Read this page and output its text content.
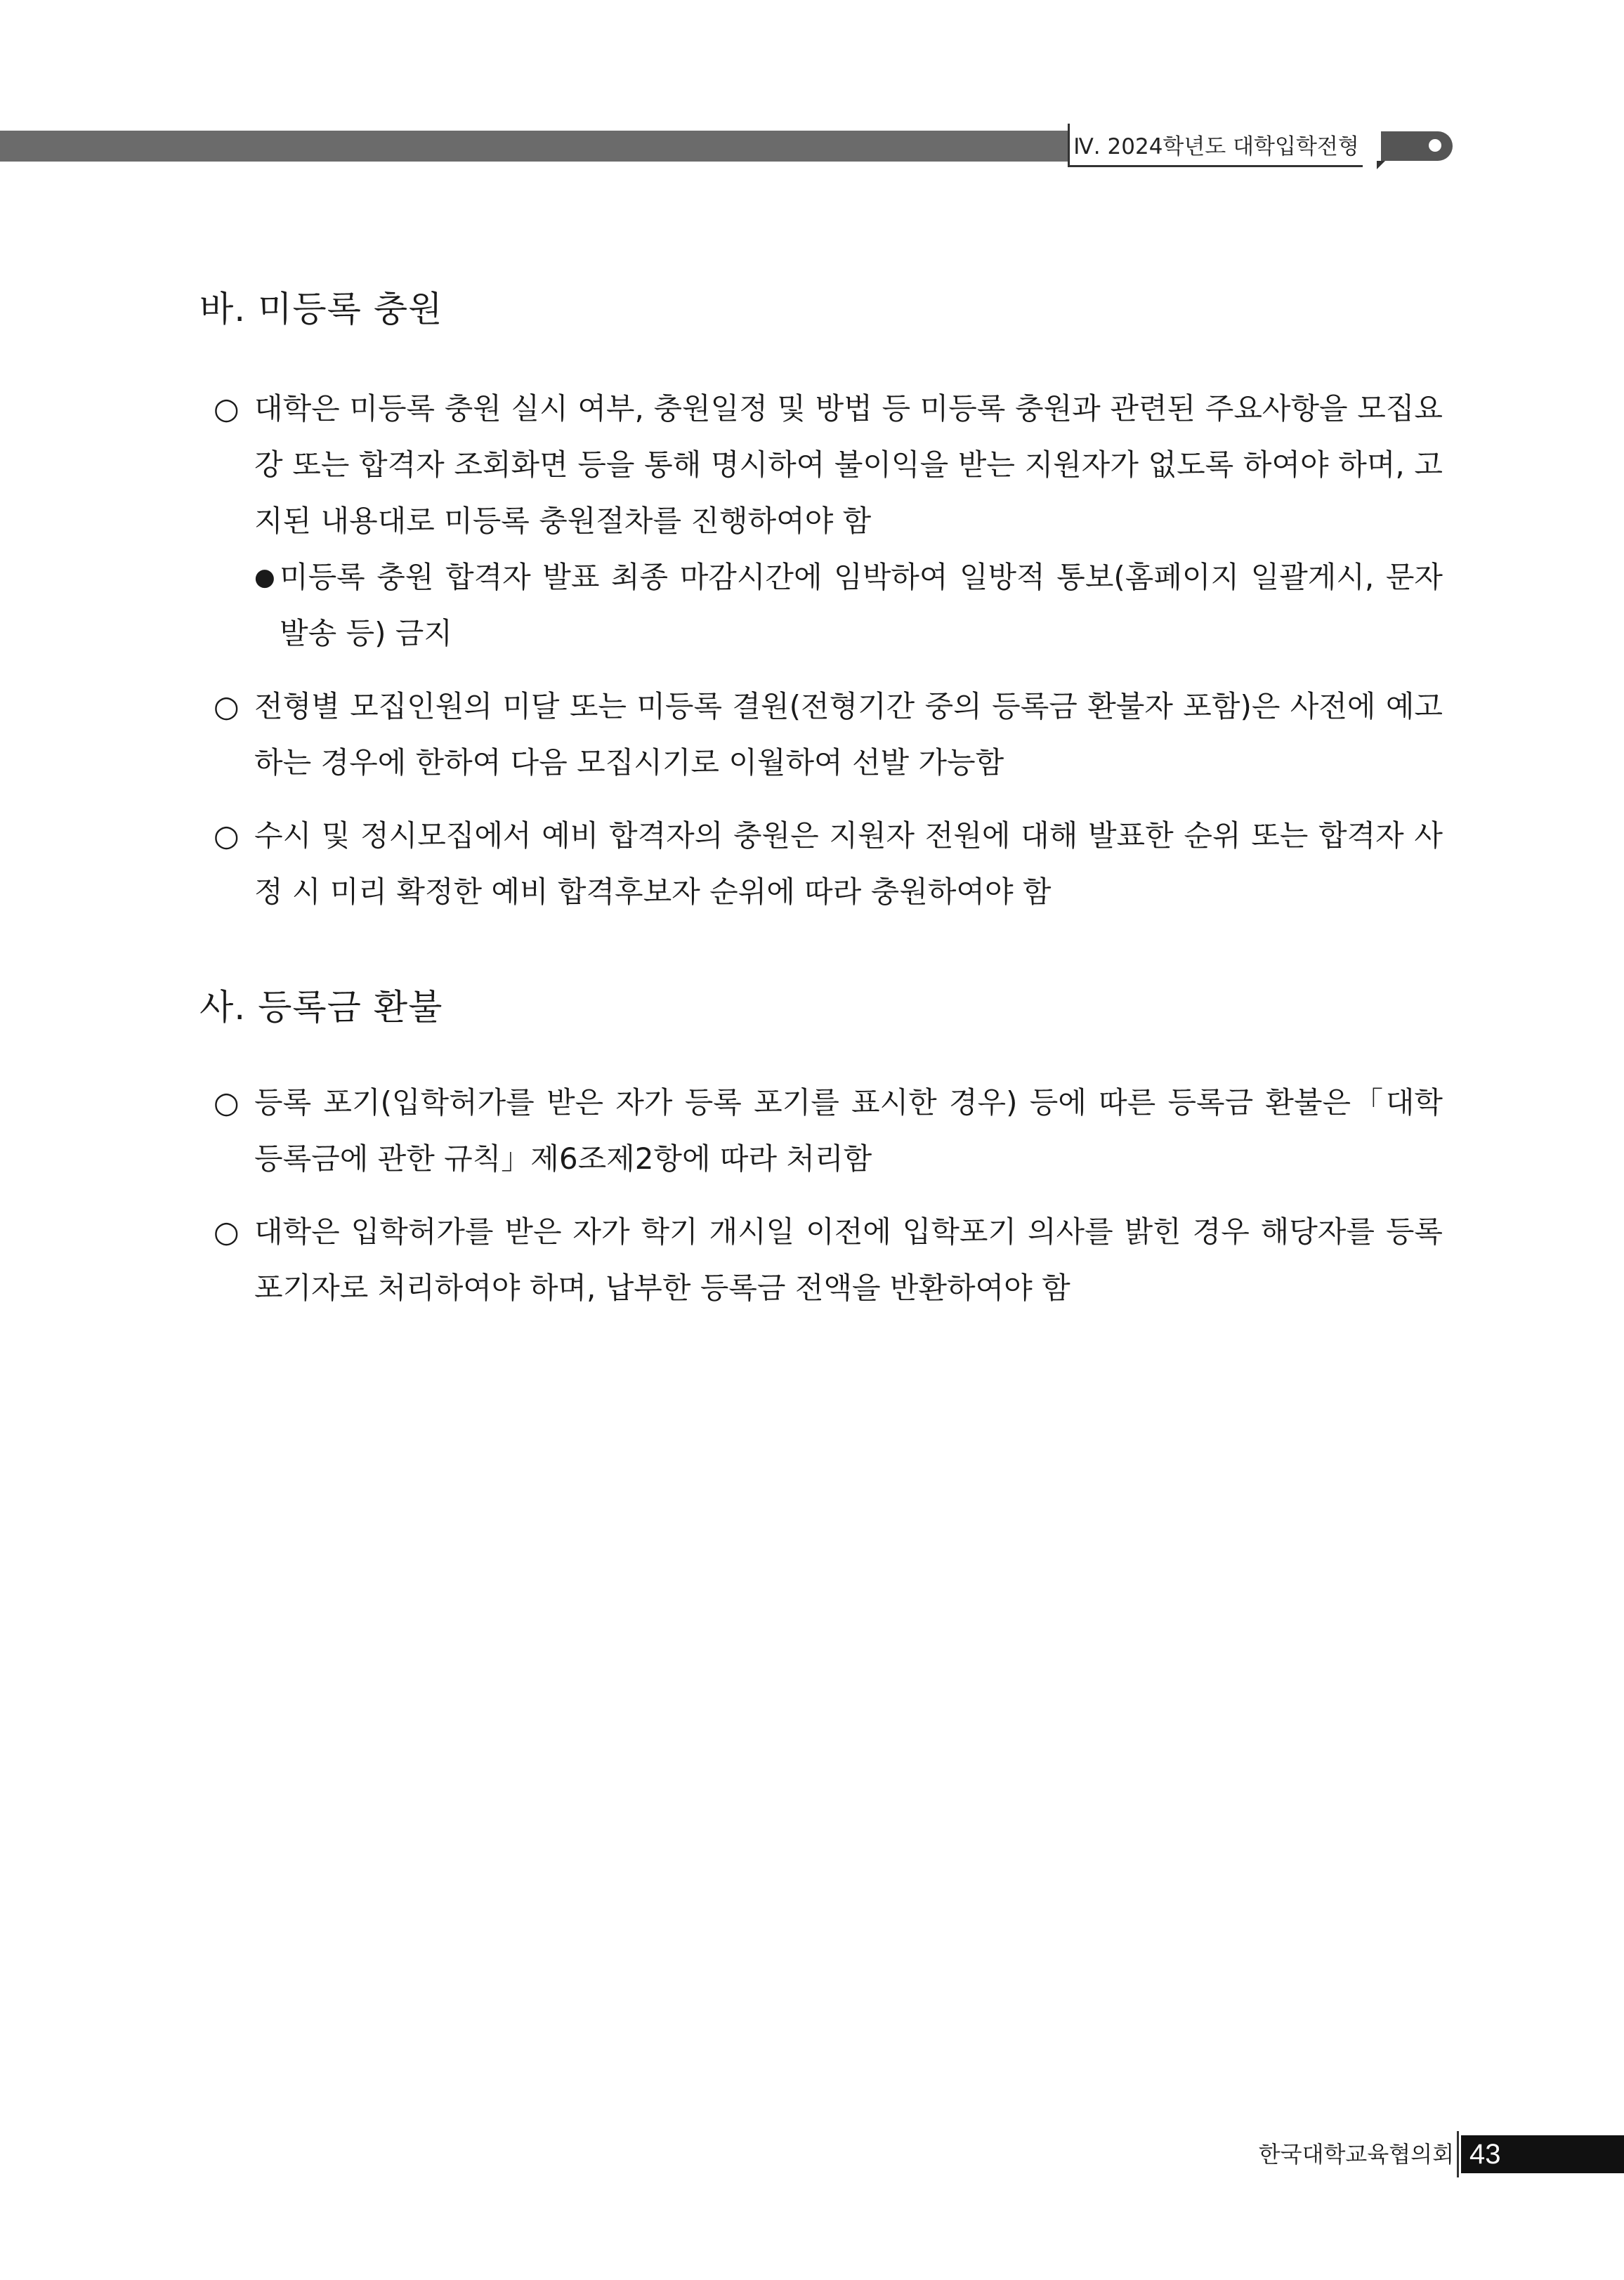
Ⅳ. 2024학년도 대학입학전형
바. 미등록 충원
○ 대학은 미등록 충원 실시 여부, 충원일정 및 방법 등 미등록 충원과 관련된 주요사항을 모집요강 또는 합격자 조회화면 등을 통해 명시하여 불이익을 받는 지원자가 없도록 하여야 하며, 고지된 내용대로 미등록 충원절차를 진행하여야 함
● 미등록 충원 합격자 발표 최종 마감시간에 임박하여 일방적 통보(홈페이지 일괄게시, 문자 발송 등) 금지
○ 전형별 모집인원의 미달 또는 미등록 결원(전형기간 중의 등록금 환불자 포함)은 사전에 예고하는 경우에 한하여 다음 모집시기로 이월하여 선발 가능함
○ 수시 및 정시모집에서 예비 합격자의 충원은 지원자 전원에 대해 발표한 순위 또는 합격자 사정 시 미리 확정한 예비 합격후보자 순위에 따라 충원하여야 함
사. 등록금 환불
○ 등록 포기(입학허가를 받은 자가 등록 포기를 표시한 경우) 등에 따른 등록금 환불은「대학 등록금에 관한 규칙」제6조제2항에 따라 처리함
○ 대학은 입학허가를 받은 자가 학기 개시일 이전에 입학포기 의사를 밝힌 경우 해당자를 등록 포기자로 처리하여야 하며, 납부한 등록금 전액을 반환하여야 함
한국대학교육협의회 43
